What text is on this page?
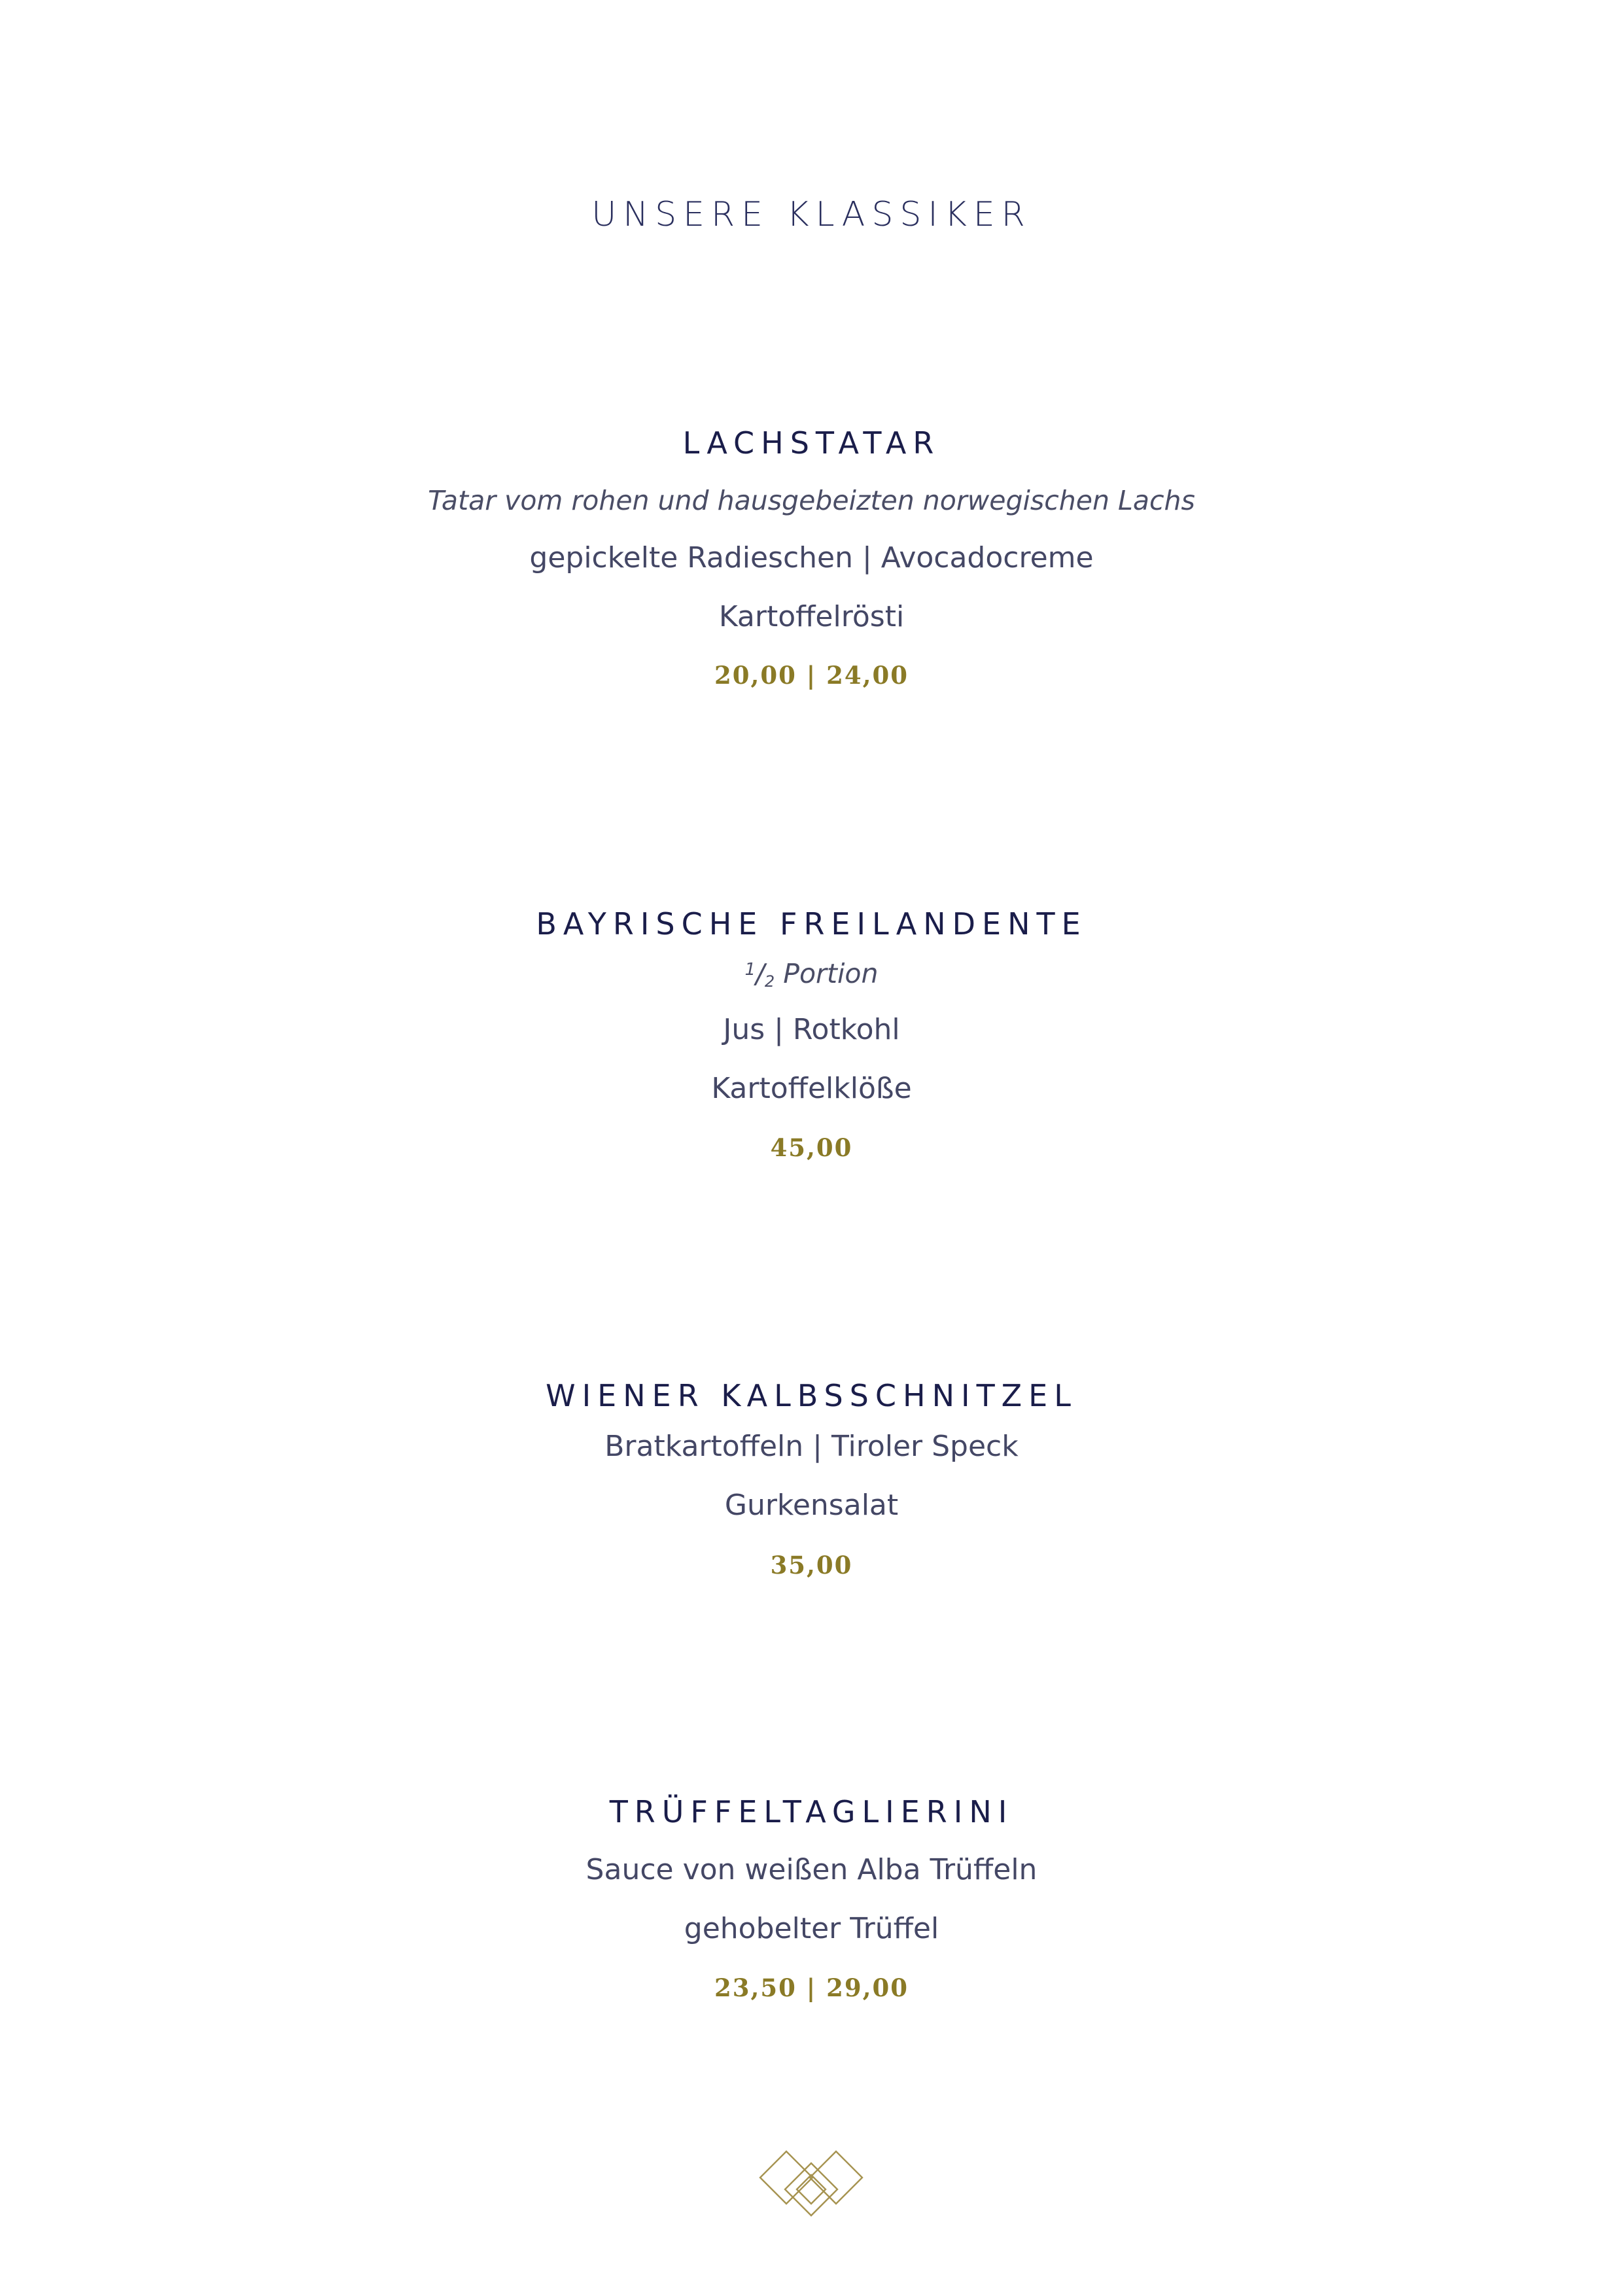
UNSERE KLASSIKER
LACHSTATAR
Tatar vom rohen und hausgebeizten norwegischen Lachs
gepickelte Radieschen | Avocadocreme
Kartoffelrösti
20,00 | 24,00
BAYRISCHE FREILANDENTE
$^1$/2 Portion
Jus | Rotkohl
Kartoffelklöße
45,00
WIENER KALBSSCHNITZEL
Bratkartoffeln | Tiroler Speck
Gurkensalat
35,00
TRÜFFELTAGLIERINI
Sauce von weißen Alba Trüffeln
gehobelter Trüffel
23,50 | 29,00
